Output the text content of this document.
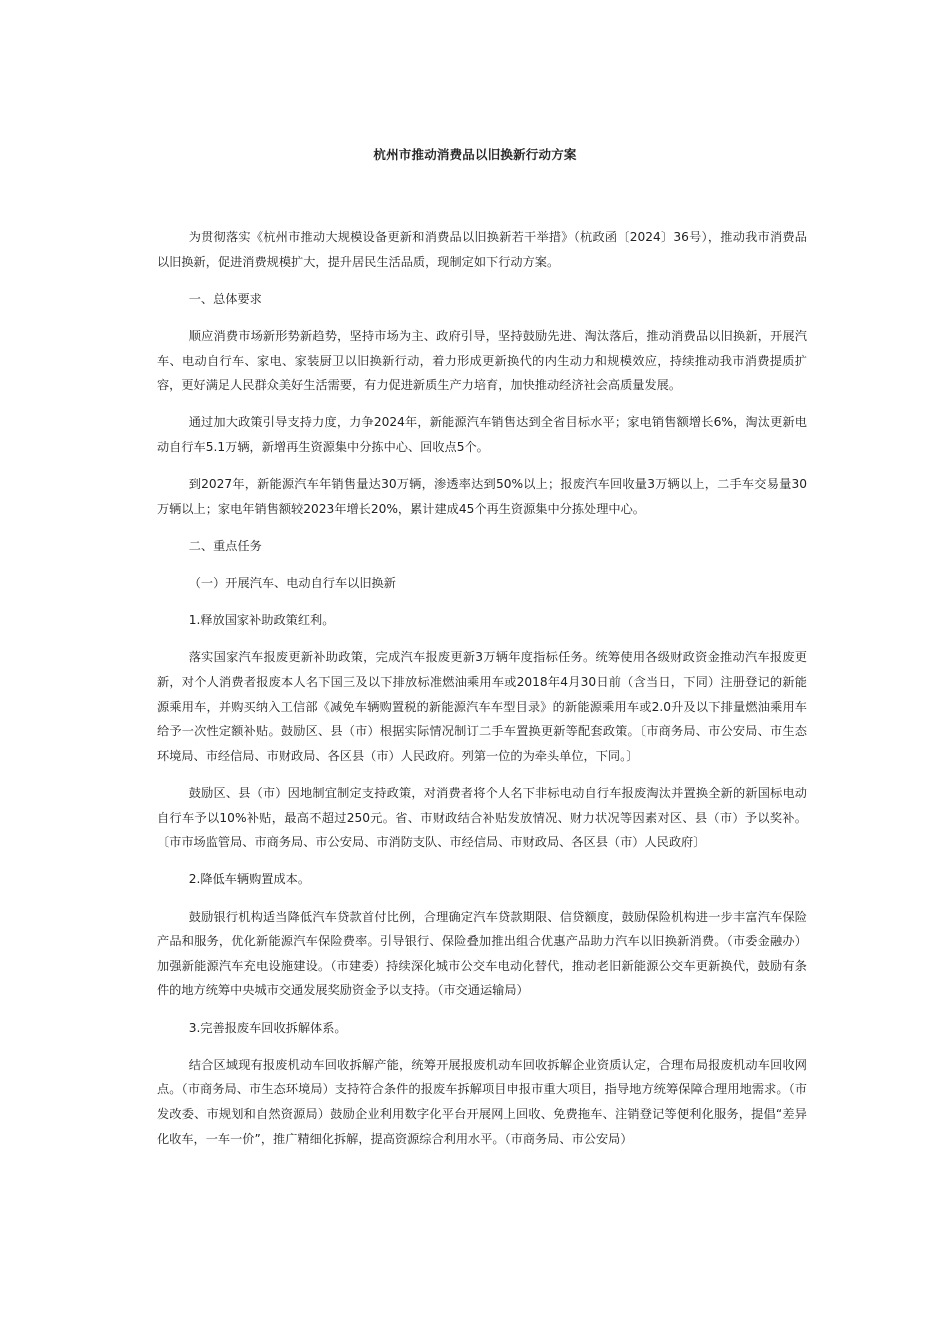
杭州市推动消费品以旧换新行动方案

为贯彻落实《杭州市推动大规模设备更新和消费品以旧换新若干举措》（杭政函〔2024〕36号），推动我市消费品以旧换新，促进消费规模扩大，提升居民生活品质，现制定如下行动方案。

一、总体要求

顺应消费市场新形势新趋势，坚持市场为主、政府引导，坚持鼓励先进、淘汰落后，推动消费品以旧换新，开展汽车、电动自行车、家电、家装厨卫以旧换新行动，着力形成更新换代的内生动力和规模效应，持续推动我市消费提质扩容，更好满足人民群众美好生活需要，有力促进新质生产力培育，加快推动经济社会高质量发展。

通过加大政策引导支持力度，力争2024年，新能源汽车销售达到全省目标水平；家电销售额增长6%，淘汰更新电动自行车5.1万辆，新增再生资源集中分拣中心、回收点5个。

到2027年，新能源汽车年销售量达30万辆，渗透率达到50%以上；报废汽车回收量3万辆以上，二手车交易量30万辆以上；家电年销售额较2023年增长20%，累计建成45个再生资源集中分拣处理中心。

二、重点任务

（一）开展汽车、电动自行车以旧换新

1.释放国家补助政策红利。

落实国家汽车报废更新补助政策，完成汽车报废更新3万辆年度指标任务。统筹使用各级财政资金推动汽车报废更新，对个人消费者报废本人名下国三及以下排放标准燃油乘用车或2018年4月30日前（含当日，下同）注册登记的新能源乘用车，并购买纳入工信部《减免车辆购置税的新能源汽车车型目录》的新能源乘用车或2.0升及以下排量燃油乘用车给予一次性定额补贴。鼓励区、县（市）根据实际情况制订二手车置换更新等配套政策。〔市商务局、市公安局、市生态环境局、市经信局、市财政局、各区县（市）人民政府。列第一位的为牵头单位，下同。〕

鼓励区、县（市）因地制宜制定支持政策，对消费者将个人名下非标电动自行车报废淘汰并置换全新的新国标电动自行车予以10%补贴，最高不超过250元。省、市财政结合补贴发放情况、财力状况等因素对区、县（市）予以奖补。〔市市场监管局、市商务局、市公安局、市消防支队、市经信局、市财政局、各区县（市）人民政府〕

2.降低车辆购置成本。

鼓励银行机构适当降低汽车贷款首付比例，合理确定汽车贷款期限、信贷额度，鼓励保险机构进一步丰富汽车保险产品和服务，优化新能源汽车保险费率。引导银行、保险叠加推出组合优惠产品助力汽车以旧换新消费。（市委金融办）加强新能源汽车充电设施建设。（市建委）持续深化城市公交车电动化替代，推动老旧新能源公交车更新换代，鼓励有条件的地方统筹中央城市交通发展奖励资金予以支持。（市交通运输局）

3.完善报废车回收拆解体系。

结合区域现有报废机动车回收拆解产能，统筹开展报废机动车回收拆解企业资质认定，合理布局报废机动车回收网点。（市商务局、市生态环境局）支持符合条件的报废车拆解项目申报市重大项目，指导地方统筹保障合理用地需求。（市发改委、市规划和自然资源局）鼓励企业利用数字化平台开展网上回收、免费拖车、注销登记等便利化服务，提倡“差异化收车，一车一价”，推广精细化拆解，提高资源综合利用水平。（市商务局、市公安局）
